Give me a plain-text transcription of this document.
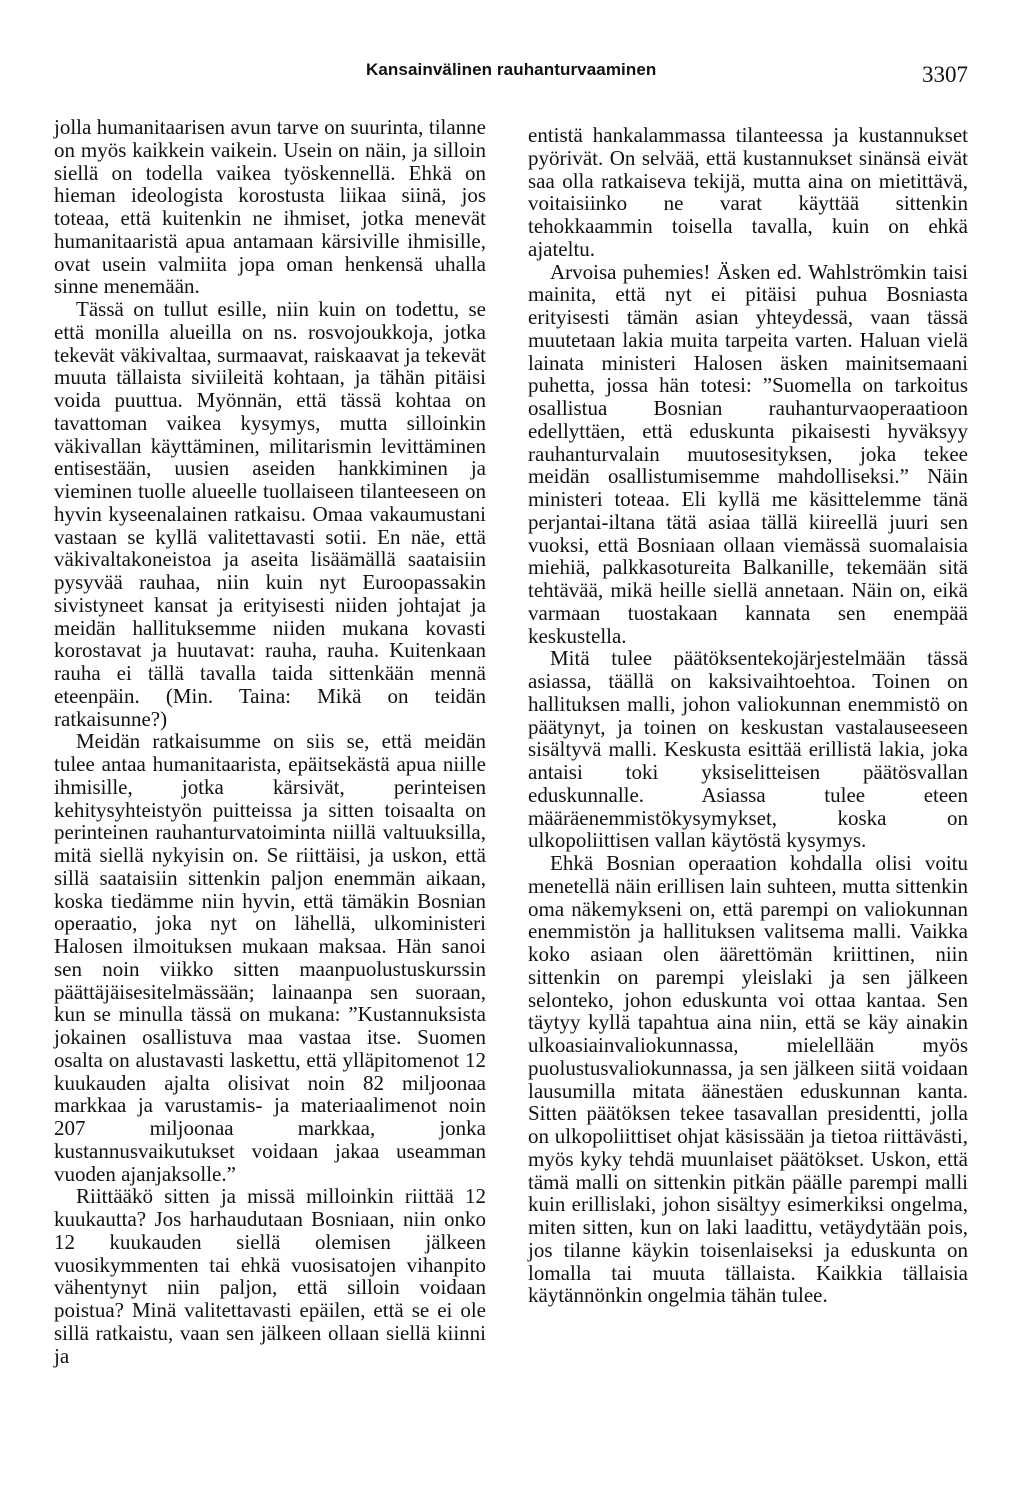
Kansainvälinen rauhanturvaaminen	3307

jolla humanitaarisen avun tarve on suurinta, tilanne on myös kaikkein vaikein. Usein on näin, ja silloin siellä on todella vaikea työskennellä. Ehkä on hieman ideologista korostusta liikaa siinä, jos toteaa, että kuitenkin ne ihmiset, jotka menevät humanitaaristä apua antamaan kärsiville ihmisille, ovat usein valmiita jopa oman henkensä uhalla sinne menemään.

Tässä on tullut esille, niin kuin on todettu, se että monilla alueilla on ns. rosvojoukkoja, jotka tekevät väkivaltaa, surmaavat, raiskaavat ja tekevät muuta tällaista siviileitä kohtaan, ja tähän pitäisi voida puuttua. Myönnän, että tässä kohtaa on tavattoman vaikea kysymys, mutta silloinkin väkivallan käyttäminen, militarismin levittäminen entisestään, uusien aseiden hankkiminen ja vieminen tuolle alueelle tuollaiseen tilanteeseen on hyvin kyseenalainen ratkaisu. Omaa vakaumustani vastaan se kyllä valitettavasti sotii. En näe, että väkivaltakoneistoa ja aseita lisäämällä saataisiin pysyvää rauhaa, niin kuin nyt Euroopassakin sivistyneet kansat ja erityisesti niiden johtajat ja meidän hallituksemme niiden mukana kovasti korostavat ja huutavat: rauha, rauha. Kuitenkaan rauha ei tällä tavalla taida sittenkään mennä eteenpäin. (Min. Taina: Mikä on teidän ratkaisunne?)

Meidän ratkaisumme on siis se, että meidän tulee antaa humanitaarista, epäitsekästä apua niille ihmisille, jotka kärsivät, perinteisen kehitysyhteistyön puitteissa ja sitten toisaalta on perinteinen rauhanturvatoiminta niillä valtuuksilla, mitä siellä nykyisin on. Se riittäisi, ja uskon, että sillä saataisiin sittenkin paljon enemmän aikaan, koska tiedämme niin hyvin, että tämäkin Bosnian operaatio, joka nyt on lähellä, ulkoministeri Halosen ilmoituksen mukaan maksaa. Hän sanoi sen noin viikko sitten maanpuolustuskurssin päättäjäisesitelmässään; lainaanpa sen suoraan, kun se minulla tässä on mukana: ”Kustannuksista jokainen osallistuva maa vastaa itse. Suomen osalta on alustavasti laskettu, että ylläpitomenot 12 kuukauden ajalta olisivat noin 82 miljoonaa markkaa ja varustamis- ja materiaalimenot noin 207 miljoonaa markkaa, jonka kustannusvaikutukset voidaan jakaa useamman vuoden ajanjaksolle.”

Riittääkö sitten ja missä milloinkin riittää 12 kuukautta? Jos harhaudutaan Bosniaan, niin onko 12 kuukauden siellä olemisen jälkeen vuosikymmenten tai ehkä vuosisatojen vihanpito vähentynyt niin paljon, että silloin voidaan poistua? Minä valitettavasti epäilen, että se ei ole sillä ratkaistu, vaan sen jälkeen ollaan siellä kiinni ja

entistä hankalammassa tilanteessa ja kustannukset pyörivät. On selvää, että kustannukset sinänsä eivät saa olla ratkaiseva tekijä, mutta aina on mietittävä, voitaisiinko ne varat käyttää sittenkin tehokkaammin toisella tavalla, kuin on ehkä ajateltu.

Arvoisa puhemies! Äsken ed. Wahlströmkin taisi mainita, että nyt ei pitäisi puhua Bosniasta erityisesti tämän asian yhteydessä, vaan tässä muutetaan lakia muita tarpeita varten. Haluan vielä lainata ministeri Halosen äsken mainitsemaani puhetta, jossa hän totesi: ”Suomella on tarkoitus osallistua Bosnian rauhanturvaoperaatioon edellyttäen, että eduskunta pikaisesti hyväksyy rauhanturvalain muutosesityksen, joka tekee meidän osallistumisemme mahdolliseksi.” Näin ministeri toteaa. Eli kyllä me käsittelemme tänä perjantai-iltana tätä asiaa tällä kiireellä juuri sen vuoksi, että Bosniaan ollaan viemässä suomalaisia miehiä, palkkasotureita Balkanille, tekemään sitä tehtävää, mikä heille siellä annetaan. Näin on, eikä varmaan tuostakaan kannata sen enempää keskustella.

Mitä tulee päätöksentekojärjestelmään tässä asiassa, täällä on kaksivaihtoehtoa. Toinen on hallituksen malli, johon valiokunnan enemmistö on päätynyt, ja toinen on keskustan vastalauseeseen sisältyvä malli. Keskusta esittää erillistä lakia, joka antaisi toki yksiselitteisen päätösvallan eduskunnalle. Asiassa tulee eteen määräenemmistökysymykset, koska on ulkopoliittisen vallan käytöstä kysymys.

Ehkä Bosnian operaation kohdalla olisi voitu menetellä näin erillisen lain suhteen, mutta sittenkin oma näkemykseni on, että parempi on valiokunnan enemmistön ja hallituksen valitsema malli. Vaikka koko asiaan olen äärettömän kriittinen, niin sittenkin on parempi yleislaki ja sen jälkeen selonteko, johon eduskunta voi ottaa kantaa. Sen täytyy kyllä tapahtua aina niin, että se käy ainakin ulkoasiainvaliokunnassa, mielellään myös puolustusvaliokunnassa, ja sen jälkeen siitä voidaan lausumilla mitata äänestäen eduskunnan kanta. Sitten päätöksen tekee tasavallan presidentti, jolla on ulkopoliittiset ohjat käsissään ja tietoa riittävästi, myös kyky tehdä muunlaiset päätökset. Uskon, että tämä malli on sittenkin pitkän päälle parempi malli kuin erillislaki, johon sisältyy esimerkiksi ongelma, miten sitten, kun on laki laadittu, vetäydytään pois, jos tilanne käykin toisenlaiseksi ja eduskunta on lomalla tai muuta tällaista. Kaikkia tällaisia käytännönkin ongelmia tähän tulee.
